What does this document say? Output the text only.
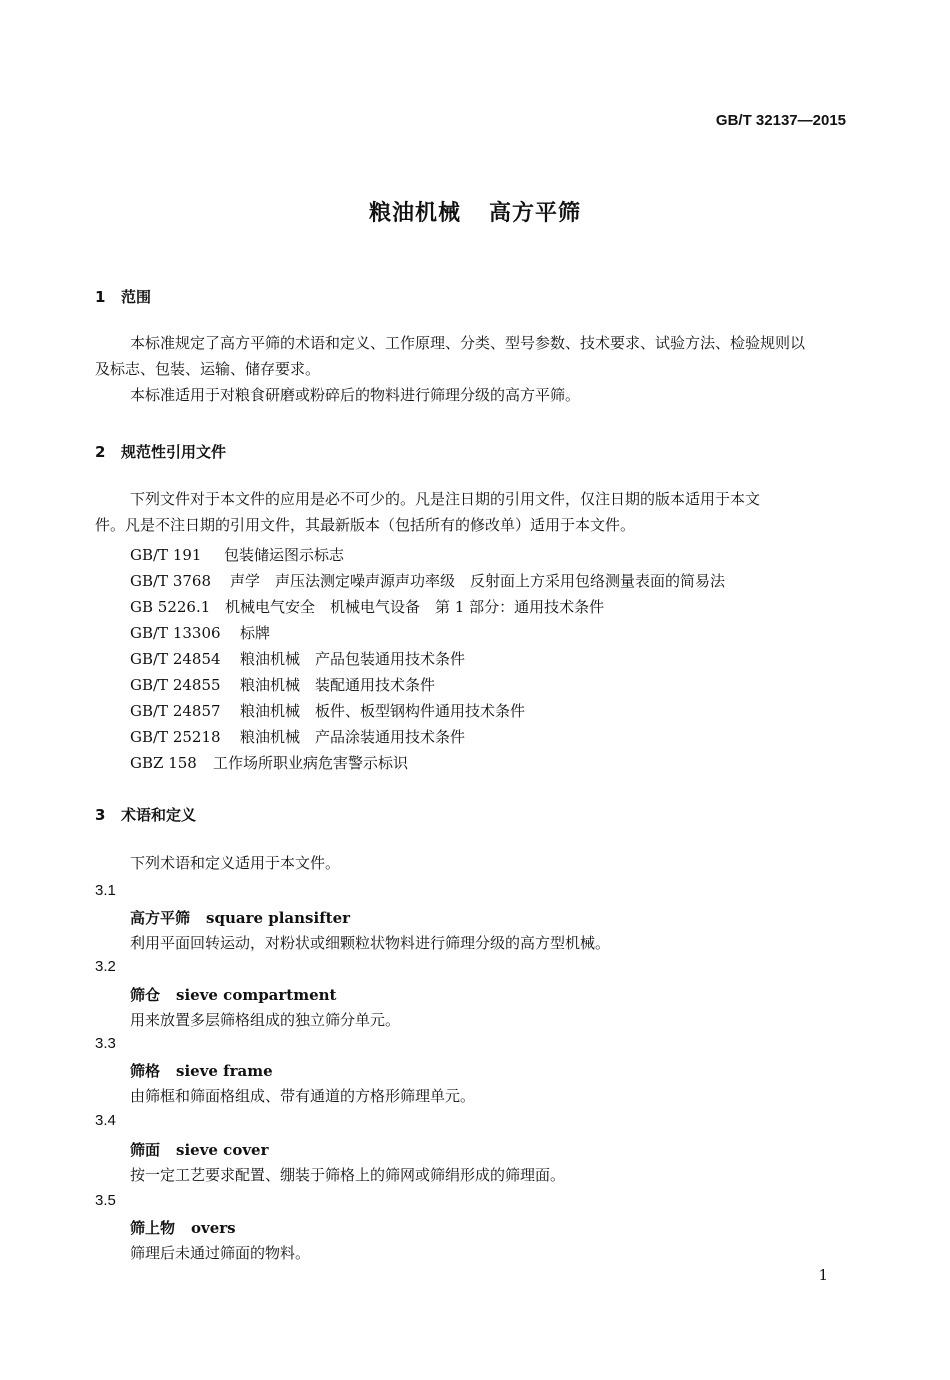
GB/T 32137—2015
粮油机械 高方平筛
1 范围
本标准规定了高方平筛的术语和定义、工作原理、分类、型号参数、技术要求、试验方法、检验规则以
及标志、包装、运输、储存要求。
本标准适用于对粮食研磨或粉碎后的物料进行筛理分级的高方平筛。
2 规范性引用文件
下列文件对于本文件的应用是必不可少的。凡是注日期的引用文件，仅注日期的版本适用于本文
件。凡是不注日期的引用文件，其最新版本（包括所有的修改单）适用于本文件。
GB/T 191 包装储运图示标志
GB/T 3768 声学　声压法测定噪声源声功率级　反射面上方采用包络测量表面的简易法
GB 5226.1 机械电气安全　机械电气设备　第 1 部分：通用技术条件
GB/T 13306 标牌
GB/T 24854 粮油机械　产品包装通用技术条件
GB/T 24855 粮油机械　装配通用技术条件
GB/T 24857 粮油机械　板件、板型钢构件通用技术条件
GB/T 25218 粮油机械　产品涂装通用技术条件
GBZ 158 工作场所职业病危害警示标识
3 术语和定义
下列术语和定义适用于本文件。
3.1
高方平筛 square plansifter
利用平面回转运动，对粉状或细颗粒状物料进行筛理分级的高方型机械。
3.2
筛仓 sieve compartment
用来放置多层筛格组成的独立筛分单元。
3.3
筛格 sieve frame
由筛框和筛面格组成、带有通道的方格形筛理单元。
3.4
筛面 sieve cover
按一定工艺要求配置、绷装于筛格上的筛网或筛绢形成的筛理面。
3.5
筛上物 overs
筛理后未通过筛面的物料。
1
